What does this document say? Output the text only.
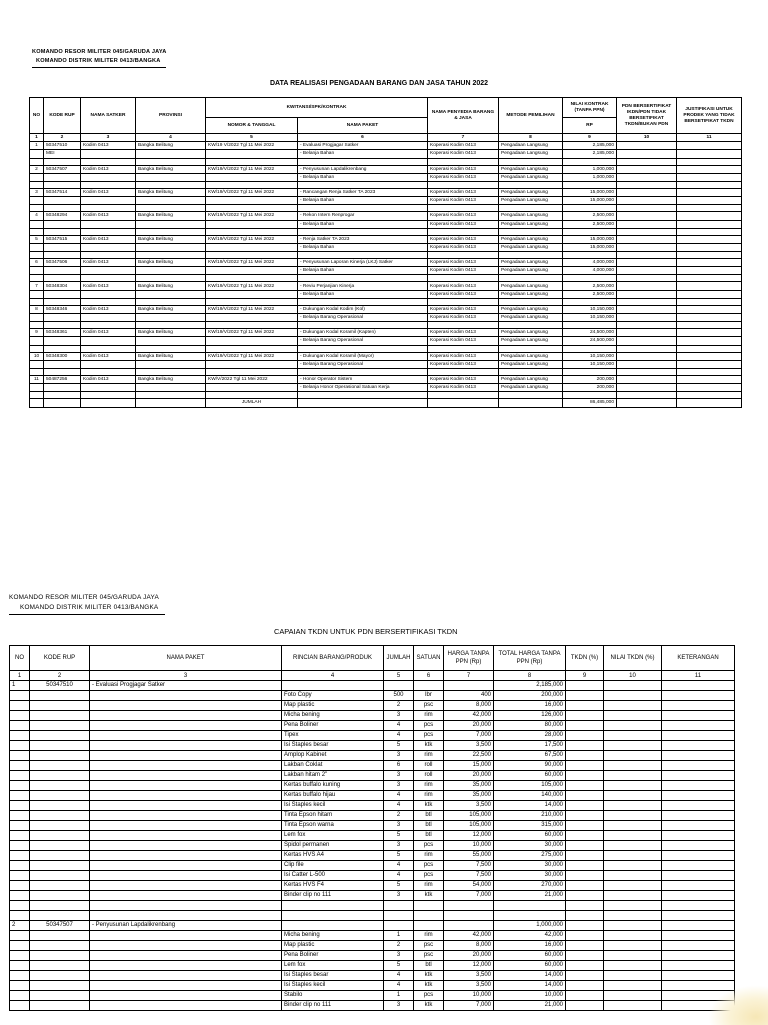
KOMANDO RESOR MILITER 045/GARUDA JAYA
KOMANDO DISTRIK MILITER 0413/BANGKA
DATA REALISASI PENGADAAN BARANG DAN JASA TAHUN 2022
NO	KODE RUP	NAMA SATKER	PROVINSI	KWITANSI/SPK/KONTRAK		NAMA PENYEDIA BARANG & JASA	METODE PEMILIHAN	NILAI KONTRAK (TANPA PPN)	PDN BERSERTIFIKAT IKDN/PDN TIDAK BERSETIFIKAT TKDN/BUKAN PDN	JUSTIFIKASI UNTUK PRODEK YANG TIDAK BERSETIFIKAT TKDN
				NOMOR & TANGGAL	NAMA PAKET			RP		
1	2	3	4	5	6	7	8	9	10	11
1	50347510	Kodim 0413	Bangka Belitung	KW/19 V/2022 Tgl 11 Mei 2022	- Evaluasi Progjagar Satker	Koperasi Kodim 0413	Pengadaan Langsung	2,185,000		
	MEI				- Belanja Bahan	Koperasi Kodim 0413	Pengadaan Langsung	2,185,000		

2	50347507	Kodim 0413	Bangka Belitung	KW/19/V/2022 Tgl 11 Mei 2022	- Penyusunan Lapdalikrenbang	Koperasi Kodim 0413	Pengadaan Langsung	1,000,000		
					- Belanja Bahan	Koperasi Kodim 0413	Pengadaan Langsung	1,000,000		

3	50347514	Kodim 0413	Bangka Belitung	KW/19/V/2022 Tgl 11 Mei 2022	- Rancangan Renja Satker TA 2023	Koperasi Kodim 0413	Pengadaan Langsung	15,000,000		
					- Belanja Bahan	Koperasi Kodim 0413	Pengadaan Langsung	15,000,000		

4	50348294	Kodim 0413	Bangka Belitung	KW/19/V/2022 Tgl 11 Mei 2022	- Rekon Intern Renprogar	Koperasi Kodim 0413	Pengadaan Langsung	2,500,000		
					- Belanja Bahan	Koperasi Kodim 0413	Pengadaan Langsung	2,500,000		

5	50347515	Kodim 0413	Bangka Belitung	KW/19/V/2022 Tgl 11 Mei 2022	- Renja Satker TA 2023	Koperasi Kodim 0413	Pengadaan Langsung	15,000,000		
					- Belanja Bahan	Koperasi Kodim 0413	Pengadaan Langsung	15,000,000		

6	50347506	Kodim 0413	Bangka Belitung	KW/19/V/2022 Tgl 11 Mei 2022	- Penyusunan Laporan Kinerja (LKJ) Satker	Koperasi Kodim 0413	Pengadaan Langsung	4,000,000		
					- Belanja Bahan	Koperasi Kodim 0413	Pengadaan Langsung	4,000,000		

7	50348304	Kodim 0413	Bangka Belitung	KW/19/V/2022 Tgl 11 Mei 2022	- Reviu Perjanjian Kinerja	Koperasi Kodim 0413	Pengadaan Langsung	2,500,000		
					- Belanja Bahan	Koperasi Kodim 0413	Pengadaan Langsung	2,500,000		

8	50348346	Kodim 0413	Bangka Belitung	KW/19/V/2022 Tgl 11 Mei 2022	- Dukungan Kodal Kodim (Kol)	Koperasi Kodim 0413	Pengadaan Langsung	10,150,000		
					- Belanja Barang Operasional	Koperasi Kodim 0413	Pengadaan Langsung	10,150,000		

9	50348361	Kodim 0413	Bangka Belitung	KW/19/V/2022 Tgl 11 Mei 2022	- Dukungan Kodal Koramil (Kapten)	Koperasi Kodim 0413	Pengadaan Langsung	24,500,000		
					- Belanja Barang Operasional	Koperasi Kodim 0413	Pengadaan Langsung	24,500,000		

10	50348300	Kodim 0413	Bangka Belitung	KW/19/V/2022 Tgl 11 Mei 2022	- Dukungan Kodal Koramil (Mayor)	Koperasi Kodim 0413	Pengadaan Langsung	10,150,000		
					- Belanja Barang Operasional	Koperasi Kodim 0413	Pengadaan Langsung	10,150,000		

11	50487256	Kodim 0413	Bangka Belitung	KW/V/2022 Tgl 11 Mei 2022	- Honor Operator Sistem	Koperasi Kodim 0413	Pengadaan Langsung	200,000		
					- Belanja Honor Operasional Satuan Kerja	Koperasi Kodim 0413	Pengadaan Langsung	200,000		

				JUMLAH				86,485,000		
KOMANDO RESOR MILITER 045/GARUDA JAYA
KOMANDO DISTRIK MILITER 0413/BANGKA
CAPAIAN TKDN UNTUK PDN BERSERTIFIKASI TKDN
NO	KODE RUP	NAMA PAKET	RINCIAN BARANG/PRODUK	JUMLAH	SATUAN	HARGA TANPA PPN (Rp)	TOTAL HARGA TANPA PPN (Rp)	TKDN (%)	NILAI TKDN (%)	KETERANGAN
1	2	3	4	5	6	7	8	9	10	11
1	50347510	- Evaluasi Progjagar Satker					2,185,000			
			Foto Copy	500	lbr	400	200,000			
			Map plastic	2	psc	8,000	16,000			
			Micha bening	3	rim	42,000	126,000			
			Pena Boliner	4	pcs	20,000	80,000			
			Tipex	4	pcs	7,000	28,000			
			Isi Staples besar	5	ktk	3,500	17,500			
			Amplop Kabinet	3	rim	22,500	67,500			
			Lakban Coklat	6	roll	15,000	90,000			
			Lakban hitam 2"	3	roll	20,000	60,000			
			Kertas buffalo kuning	3	rim	35,000	105,000			
			Kertas buffalo hijau	4	rim	35,000	140,000			
			Isi Staples kecil	4	ktk	3,500	14,000			
			Tinta Epson hitam	2	btl	105,000	210,000			
			Tinta Epson warna	3	btl	105,000	315,000			
			Lem fox	5	btl	12,000	60,000			
			Spidol permanen	3	pcs	10,000	30,000			
			Kertas HVS A4	5	rim	55,000	275,000			
			Clip file	4	pcs	7,500	30,000			
			Isi Catter L-500	4	pcs	7,500	30,000			
			Kertas HVS F4	5	rim	54,000	270,000			
			Binder clip no 111	3	ktk	7,000	21,000			

2	50347507	- Penyusunan Lapdalikrenbang					1,000,000			
			Micha bening	1	rim	42,000	42,000			
			Map plastic	2	psc	8,000	16,000			
			Pena Boliner	3	psc	20,000	60,000			
			Lem fox	5	btl	12,000	60,000			
			Isi Staples besar	4	ktk	3,500	14,000			
			Isi Staples kecil	4	ktk	3,500	14,000			
			Stabilo	1	pcs	10,000	10,000			
			Binder clip no 111	3	ktk	7,000	21,000			
